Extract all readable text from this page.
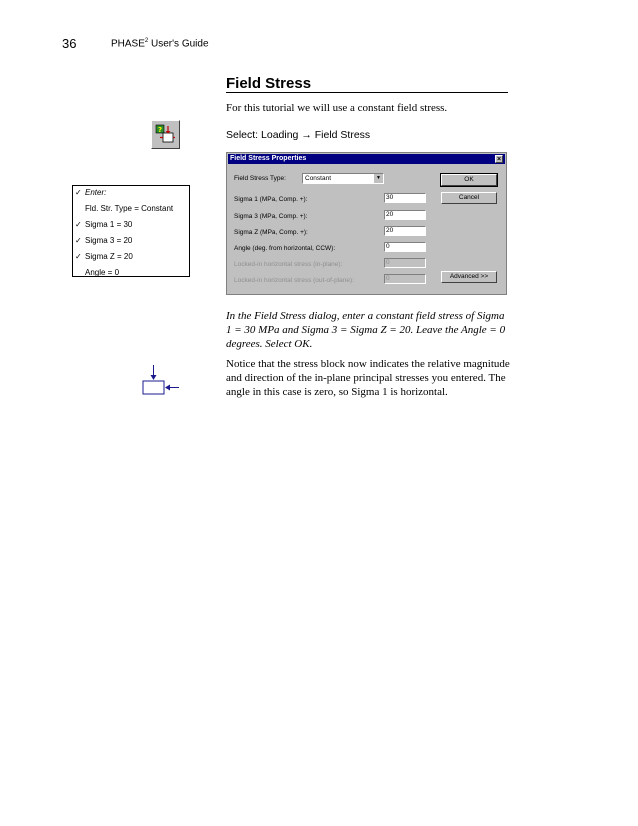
36	PHASE$^2$ User's Guide
Field Stress
For this tutorial we will use a constant field stress.
Select: Loading → Field Stress
?
✓ Enter:
Fld. Str. Type = Constant
✓ Sigma 1 = 30
✓ Sigma 3 = 20
✓ Sigma Z = 20
Angle = 0
Field Stress Properties	×
Field Stress Type:	Constant	▼
Sigma 1 (MPa, Comp. +):	30
Sigma 3 (MPa, Comp. +):	20
Sigma Z (MPa, Comp. +):	20
Angle (deg. from horizontal, CCW):	0
Locked-in horizontal stress (in-plane):	0
Locked-in horizontal stress (out-of-plane):	0
OK
Cancel
Advanced >>
In the Field Stress dialog, enter a constant field stress of Sigma 1 = 30 MPa and Sigma 3 = Sigma Z = 20. Leave the Angle = 0 degrees. Select OK.
Notice that the stress block now indicates the relative magnitude and direction of the in-plane principal stresses you entered. The angle in this case is zero, so Sigma 1 is horizontal.
